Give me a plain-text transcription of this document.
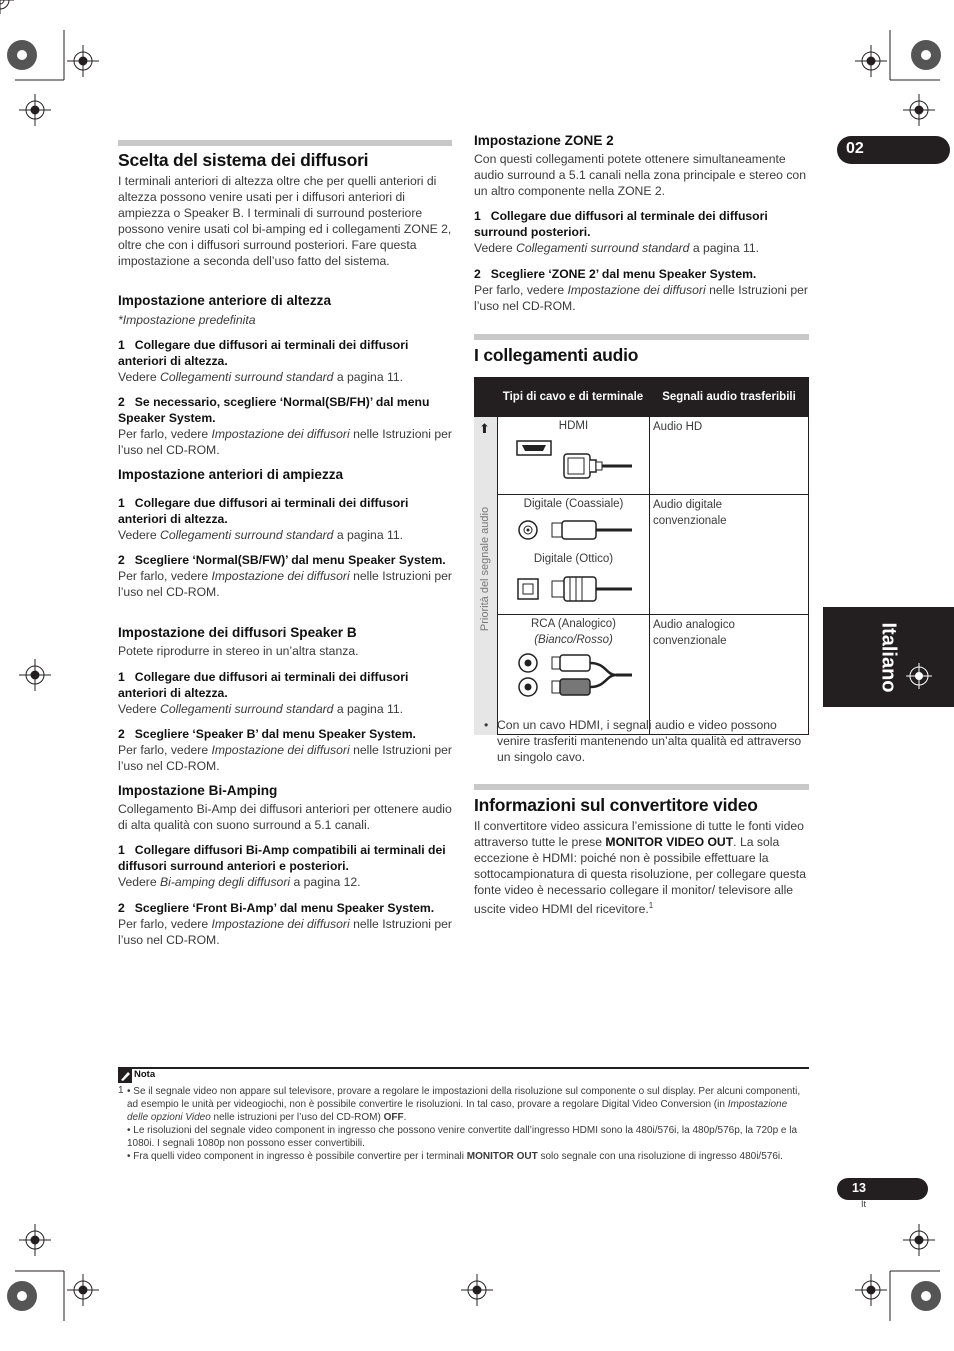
02
Italiano
Scelta del sistema dei diffusori
I terminali anteriori di altezza oltre che per quelli anteriori di altezza possono venire usati per i diffusori anteriori di ampiezza o Speaker B. I terminali di surround posteriore possono venire usati col bi-amping ed i collegamenti ZONE 2, oltre che con i diffusori surround posteriori. Fare questa impostazione a seconda dell’uso fatto del sistema.
Impostazione anteriore di altezza

*Impostazione predefinita

1 Collegare due diffusori ai terminali dei diffusori anteriori di altezza.

Vedere Collegamenti surround standard a pagina 11.

2 Se necessario, scegliere ‘Normal(SB/FH)’ dal menu Speaker System.

Per farlo, vedere Impostazione dei diffusori nelle Istruzioni per l’uso nel CD-ROM.

Impostazione anteriori di ampiezza

1 Collegare due diffusori ai terminali dei diffusori anteriori di altezza.

Vedere Collegamenti surround standard a pagina 11.

2 Scegliere ‘Normal(SB/FW)’ dal menu Speaker System.

Per farlo, vedere Impostazione dei diffusori nelle Istruzioni per l’uso nel CD-ROM.

Impostazione dei diffusori Speaker B

Potete riprodurre in stereo in un’altra stanza.

1 Collegare due diffusori ai terminali dei diffusori anteriori di altezza.

Vedere Collegamenti surround standard a pagina 11.

2 Scegliere ‘Speaker B’ dal menu Speaker System.

Per farlo, vedere Impostazione dei diffusori nelle Istruzioni per l’uso nel CD-ROM.

Impostazione Bi-Amping

Collegamento Bi-Amp dei diffusori anteriori per ottenere audio di alta qualità con suono surround a 5.1 canali.

1 Collegare diffusori Bi-Amp compatibili ai terminali dei diffusori surround anteriori e posteriori.

Vedere Bi-amping degli diffusori a pagina 12.

2 Scegliere ‘Front Bi-Amp’ dal menu Speaker System.

Per farlo, vedere Impostazione dei diffusori nelle Istruzioni per l’uso nel CD-ROM.

Impostazione ZONE 2

Con questi collegamenti potete ottenere simultaneamente audio surround a 5.1 canali nella zona principale e stereo con un altro componente nella ZONE 2.

1 Collegare due diffusori al terminale dei diffusori surround posteriori.

Vedere Collegamenti surround standard a pagina 11.

2 Scegliere ‘ZONE 2’ dal menu Speaker System.

Per farlo, vedere Impostazione dei diffusori nelle Istruzioni per l’uso nel CD-ROM.

I collegamenti audio
Tipi di cavo e di terminale	Segnali audio trasferibili
⬆
Priorità del segnale audio
HDMI	Audio HD
Digitale (Coassiale)
Digitale (Ottico)
Audio digitale convenzionale
RCA (Analogico)
(Bianco/Rosso)
Audio analogico convenzionale
• Con un cavo HDMI, i segnali audio e video possono venire trasferiti mantenendo un’alta qualità ed attraverso un singolo cavo.
Informazioni sul convertitore video
Il convertitore video assicura l’emissione di tutte le fonti video attraverso tutte le prese MONITOR VIDEO OUT. La sola eccezione è HDMI: poiché non è possibile effettuare la sottocampionatura di questa risoluzione, per collegare questa fonte video è necessario collegare il monitor/ televisore alle uscite video HDMI del ricevitore.$^1$
Nota
1 • Se il segnale video non appare sul televisore, provare a regolare le impostazioni della risoluzione sul componente o sul display. Per alcuni componenti, ad esempio le unità per videogiochi, non è possibile convertire le risoluzioni. In tal caso, provare a regolare Digital Video Conversion (in Impostazione delle opzioni Video nelle istruzioni per l’uso del CD-ROM) OFF.

• Le risoluzioni del segnale video component in ingresso che possono venire convertite dall’ingresso HDMI sono la 480i/576i, la 480p/576p, la 720p e la 1080i. I segnali 1080p non possono esser convertibili.

• Fra quelli video component in ingresso è possibile convertire per i terminali MONITOR OUT solo segnale con una risoluzione di ingresso 480i/576i.

13
It
